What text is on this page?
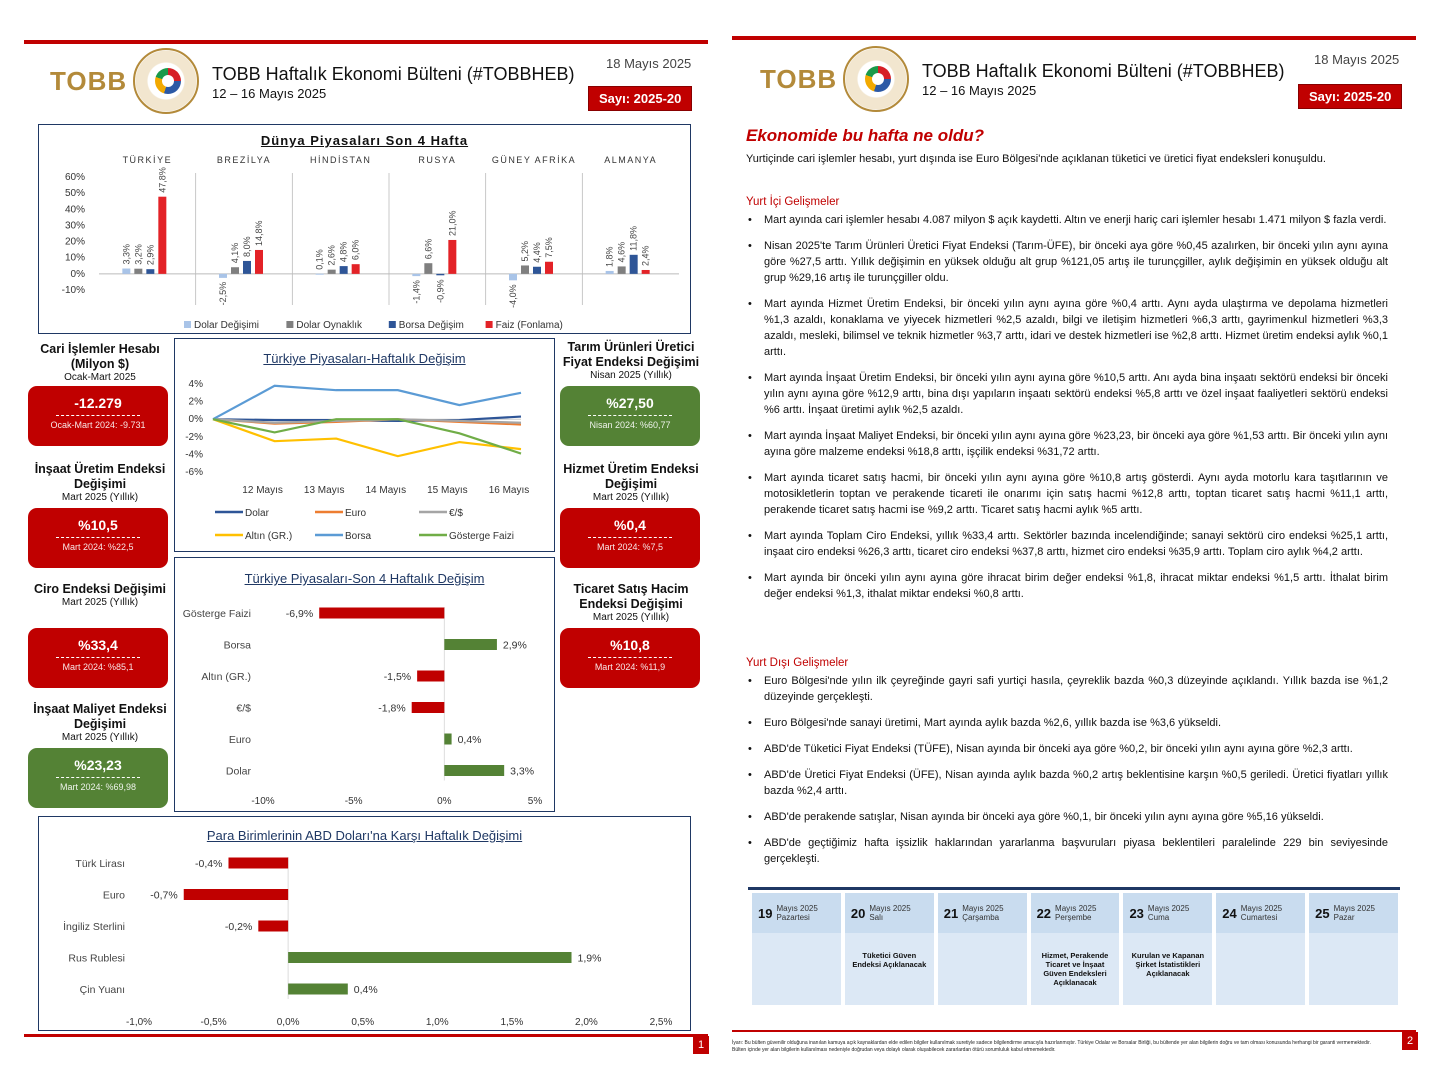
TOBB	TOBB Haftalık Ekonomi Bülteni (#TOBBHEB)
12 – 16 Mayıs 2025
18 Mayıs 2025
Sayı: 2025-20
Dünya Piyasaları Son 4 Hafta
60%
50%
40%
30%
20%
10%
0%
-10%
TÜRKİYE
3,3% 3,2% 2,9%
47,8%
BREZİLYA
-2,5%
4,1% 8,0%
14,8%
HİNDİSTAN
0,1% 2,6% 4,8% 6,0%
RUSYA
-1,4%
6,6%
-0,9%
21,0%
GÜNEY AFRİKA
-4,0%
5,2% 4,4% 7,5%
ALMANYA
1,8% 4,6%
11,8%
2,4%
Dolar Değişimi	Dolar Oynaklık	Borsa Değişim	Faiz (Fonlama)
Cari İşlemler Hesabı (Milyon $)
Ocak-Mart 2025
-12.279
Ocak-Mart 2024: -9.731
İnşaat Üretim Endeksi Değişimi
Mart 2025 (Yıllık)
%10,5
Mart 2024: %22,5
Ciro Endeksi Değişimi
Mart 2025 (Yıllık)
%33,4
Mart 2024: %85,1
İnşaat Maliyet Endeksi Değişimi
Mart 2025 (Yıllık)
%23,23
Mart 2024: %69,98
Tarım Ürünleri Üretici Fiyat Endeksi Değişimi
Nisan 2025 (Yıllık)
%27,50
Nisan 2024: %60,77
Hizmet Üretim Endeksi Değişimi
Mart 2025 (Yıllık)
%0,4
Mart 2024: %7,5
Ticaret Satış Hacim Endeksi Değişimi
Mart 2025 (Yıllık)
%10,8
Mart 2024: %11,9
Türkiye Piyasaları-Haftalık Değişim
4%
2%
0%
-2%
-4%
-6%
12 Mayıs 13 Mayıs 14 Mayıs 15 Mayıs 16 Mayıs
Dolar	Euro	€/$
Altın (GR.)	Borsa	Gösterge Faizi
Türkiye Piyasaları-Son 4 Haftalık Değişim
-10%	-5%	0%	5%
Gösterge Faizi	-6,9%
Borsa	2,9%
Altın (GR.)	-1,5%
€/$	-1,8%
Euro	0,4%
Dolar	3,3%
Para Birimlerinin ABD Doları'na Karşı Haftalık Değişimi
-1,0%	-0,5%	0,0%	0,5%	1,0%	1,5%	2,0%	2,5%
Türk Lirası	-0,4%
Euro -0,7%
İngiliz Sterlini	-0,2%
Rus Rublesi	1,9%
Çin Yuanı	0,4%
1
TOBB	TOBB Haftalık Ekonomi Bülteni (#TOBBHEB)
12 – 16 Mayıs 2025
18 Mayıs 2025
Sayı: 2025-20
Ekonomide bu hafta ne oldu?
Yurtiçinde cari işlemler hesabı, yurt dışında ise Euro Bölgesi'nde açıklanan tüketici ve üretici fiyat endeksleri konuşuldu.
Yurt İçi Gelişmeler
• Mart ayında cari işlemler hesabı 4.087 milyon $ açık kaydetti. Altın ve enerji hariç cari işlemler hesabı 1.471 milyon $ fazla verdi.
• Nisan 2025'te Tarım Ürünleri Üretici Fiyat Endeksi (Tarım-ÜFE), bir önceki aya göre %0,45 azalırken, bir önceki yılın aynı ayına göre %27,5 arttı. Yıllık değişimin en yüksek olduğu alt grup %121,05 artış ile turunçgiller, aylık değişimin en yüksek olduğu alt grup %29,16 artış ile turunçgiller oldu.
• Mart ayında Hizmet Üretim Endeksi, bir önceki yılın aynı ayına göre %0,4 arttı. Aynı ayda ulaştırma ve depolama hizmetleri %1,3 azaldı, konaklama ve yiyecek hizmetleri %2,5 azaldı, bilgi ve iletişim hizmetleri %6,3 arttı, gayrimenkul hizmetleri %3,3 azaldı, mesleki, bilimsel ve teknik hizmetler %3,7 arttı, idari ve destek hizmetleri ise %2,8 arttı. Hizmet üretim endeksi aylık %0,1 arttı.
• Mart ayında İnşaat Üretim Endeksi, bir önceki yılın aynı ayına göre %10,5 arttı. Anı ayda bina inşaatı sektörü endeksi bir önceki yılın aynı ayına göre %12,9 arttı, bina dışı yapıların inşaatı sektörü endeksi %5,8 arttı ve özel inşaat faaliyetleri sektörü endeksi %6 arttı. İnşaat üretimi aylık %2,5 azaldı.
• Mart ayında İnşaat Maliyet Endeksi, bir önceki yılın aynı ayına göre %23,23, bir önceki aya göre %1,53 arttı. Bir önceki yılın aynı ayına göre malzeme endeksi %18,8 arttı, işçilik endeksi %31,72 arttı.
• Mart ayında ticaret satış hacmi, bir önceki yılın aynı ayına göre %10,8 artış gösterdi. Aynı ayda motorlu kara taşıtlarının ve motosikletlerin toptan ve perakende ticareti ile onarımı için satış hacmi %12,8 arttı, toptan ticaret satış hacmi %11,1 arttı, perakende ticaret satış hacmi ise %9,2 arttı. Ticaret satış hacmi aylık %5 arttı.
• Mart ayında Toplam Ciro Endeksi, yıllık %33,4 arttı. Sektörler bazında incelendiğinde; sanayi sektörü ciro endeksi %25,1 arttı, inşaat ciro endeksi %26,3 arttı, ticaret ciro endeksi %37,8 arttı, hizmet ciro endeksi %35,9 arttı. Toplam ciro aylık %4,2 arttı.
• Mart ayında bir önceki yılın aynı ayına göre ihracat birim değer endeksi %1,8, ihracat miktar endeksi %1,5 arttı. İthalat birim değer endeksi %1,3, ithalat miktar endeksi %0,8 arttı.
Yurt Dışı Gelişmeler
• Euro Bölgesi'nde yılın ilk çeyreğinde gayri safi yurtiçi hasıla, çeyreklik bazda %0,3 düzeyinde açıklandı. Yıllık bazda ise %1,2 düzeyinde gerçekleşti.
• Euro Bölgesi'nde sanayi üretimi, Mart ayında aylık bazda %2,6, yıllık bazda ise %3,6 yükseldi.
• ABD'de Tüketici Fiyat Endeksi (TÜFE), Nisan ayında bir önceki aya göre %0,2, bir önceki yılın aynı ayına göre %2,3 arttı.
• ABD'de Üretici Fiyat Endeksi (ÜFE), Nisan ayında aylık bazda %0,2 artış beklentisine karşın %0,5 geriledi. Üretici fiyatları yıllık bazda %2,4 arttı.
• ABD'de perakende satışlar, Nisan ayında bir önceki aya göre %0,1, bir önceki yılın aynı ayına göre %5,16 yükseldi.
• ABD'de geçtiğimiz hafta işsizlik haklarından yararlanma başvuruları piyasa beklentileri paralelinde 229 bin seviyesinde gerçekleşti.
19 Mayıs 2025
Pazartesi	20 Mayıs 2025
Salı
Tüketici Güven Endeksi Açıklanacak
21 Mayıs 2025
Çarşamba	22 Mayıs 2025
Perşembe
Hizmet, Perakende Ticaret ve İnşaat Güven Endeksleri Açıklanacak
23 Mayıs 2025
Cuma
Kurulan ve Kapanan Şirket İstatistikleri Açıklanacak
24 Mayıs 2025
Cumartesi	25 Mayıs 2025
Pazar
İyarı: Bu bülten güvenilir olduğuna inanılan kamuya açık kaynaklardan elde edilen bilgiler kullanılmak suretiyle sadece bilgilendirme amacıyla hazırlanmıştır. Türkiye Odalar ve Borsalar Birliği, bu bültende yer alan bilgilerin doğru ve tam olması konusunda herhangi bir garanti vermemektedir. Bülten içinde yer alan bilgilerin kullanılması nedeniyle doğrudan veya dolaylı olarak oluşabilecek zararlardan ötürü sorumluluk kabul etmemektedir.
2
